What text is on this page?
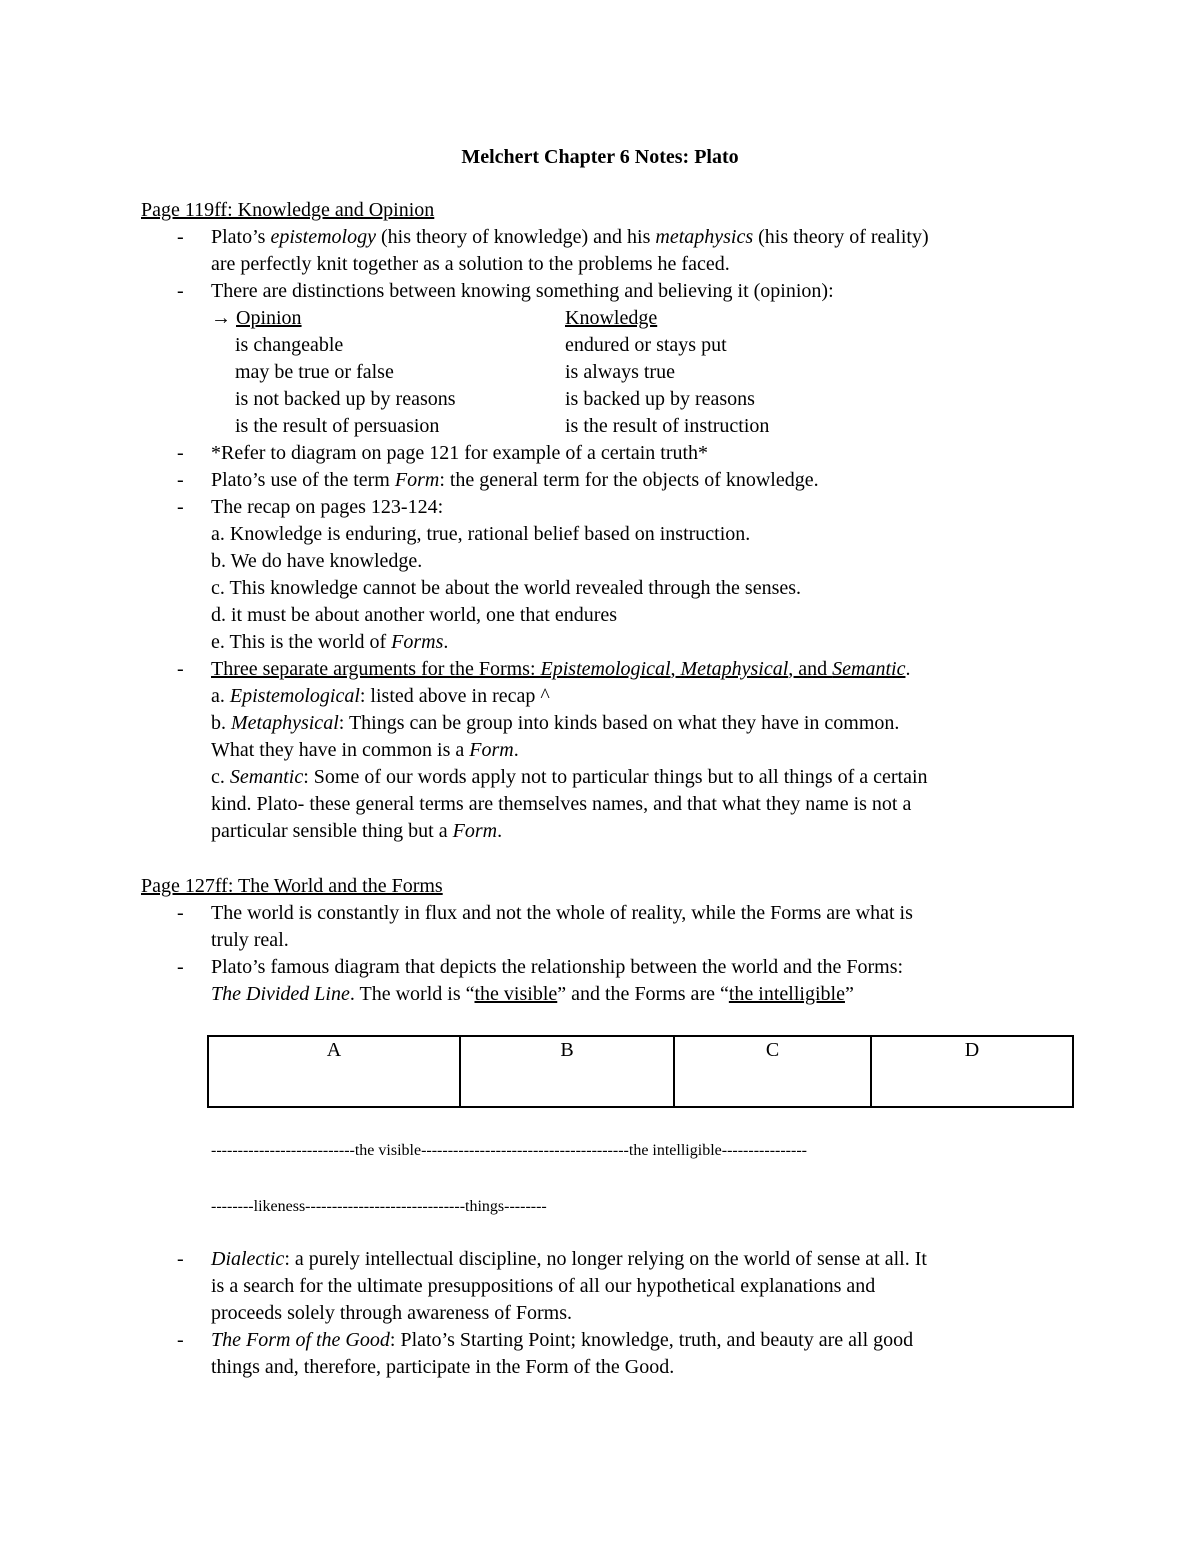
Melchert Chapter 6 Notes: Plato
Page 119ff: Knowledge and Opinion
- Plato’s epistemology (his theory of knowledge) and his metaphysics (his theory of reality)
are perfectly knit together as a solution to the problems he faced.
- There are distinctions between knowing something and believing it (opinion):
→ Opinion	Knowledge
is changeable	endured or stays put
may be true or false	is always true
is not backed up by reasons	is backed up by reasons
is the result of persuasion	is the result of instruction
- *Refer to diagram on page 121 for example of a certain truth*
- Plato’s use of the term Form: the general term for the objects of knowledge.
- The recap on pages 123-124:
a. Knowledge is enduring, true, rational belief based on instruction.
b. We do have knowledge.
c. This knowledge cannot be about the world revealed through the senses.
d. it must be about another world, one that endures
e. This is the world of Forms.
- Three separate arguments for the Forms: Epistemological, Metaphysical, and Semantic.
a. Epistemological: listed above in recap ^
b. Metaphysical: Things can be group into kinds based on what they have in common.
What they have in common is a Form.
c. Semantic: Some of our words apply not to particular things but to all things of a certain
kind. Plato- these general terms are themselves names, and that what they name is not a
particular sensible thing but a Form.
Page 127ff: The World and the Forms
- The world is constantly in flux and not the whole of reality, while the Forms are what is
truly real.
- Plato’s famous diagram that depicts the relationship between the world and the Forms:
The Divided Line. The world is “the visible” and the Forms are “the intelligible”
A	B	C	D
---------------------------the visible---------------------------------------the intelligible----------------
--------likeness------------------------------things--------
- Dialectic: a purely intellectual discipline, no longer relying on the world of sense at all. It
is a search for the ultimate presuppositions of all our hypothetical explanations and
proceeds solely through awareness of Forms.
- The Form of the Good: Plato’s Starting Point; knowledge, truth, and beauty are all good
things and, therefore, participate in the Form of the Good.
